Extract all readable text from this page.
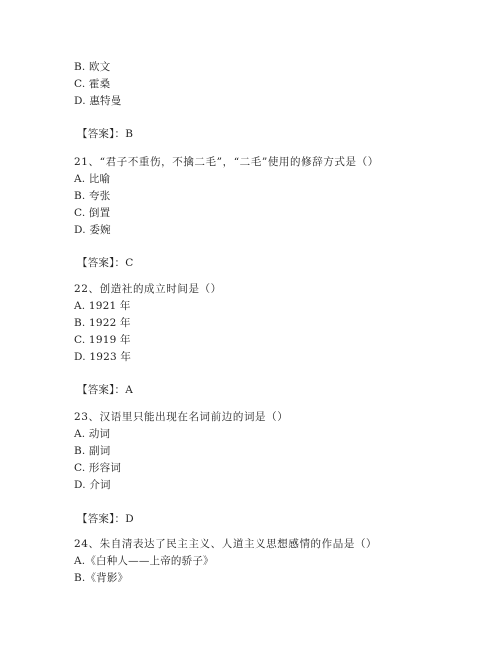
B. 欧文
C. 霍桑
D. 惠特曼
【答案】：B
21、“君子不重伤，不擒二毛”，“二毛”使用的修辞方式是（）
A. 比喻
B. 夸张
C. 倒置
D. 委婉
【答案】：C
22、创造社的成立时间是（）
A. 1921 年
B. 1922 年
C. 1919 年
D. 1923 年
【答案】：A
23、汉语里只能出现在名词前边的词是（）
A. 动词
B. 副词
C. 形容词
D. 介词
【答案】：D
24、朱自清表达了民主主义、人道主义思想感情的作品是（）
A.《白种人——上帝的骄子》
B.《背影》
